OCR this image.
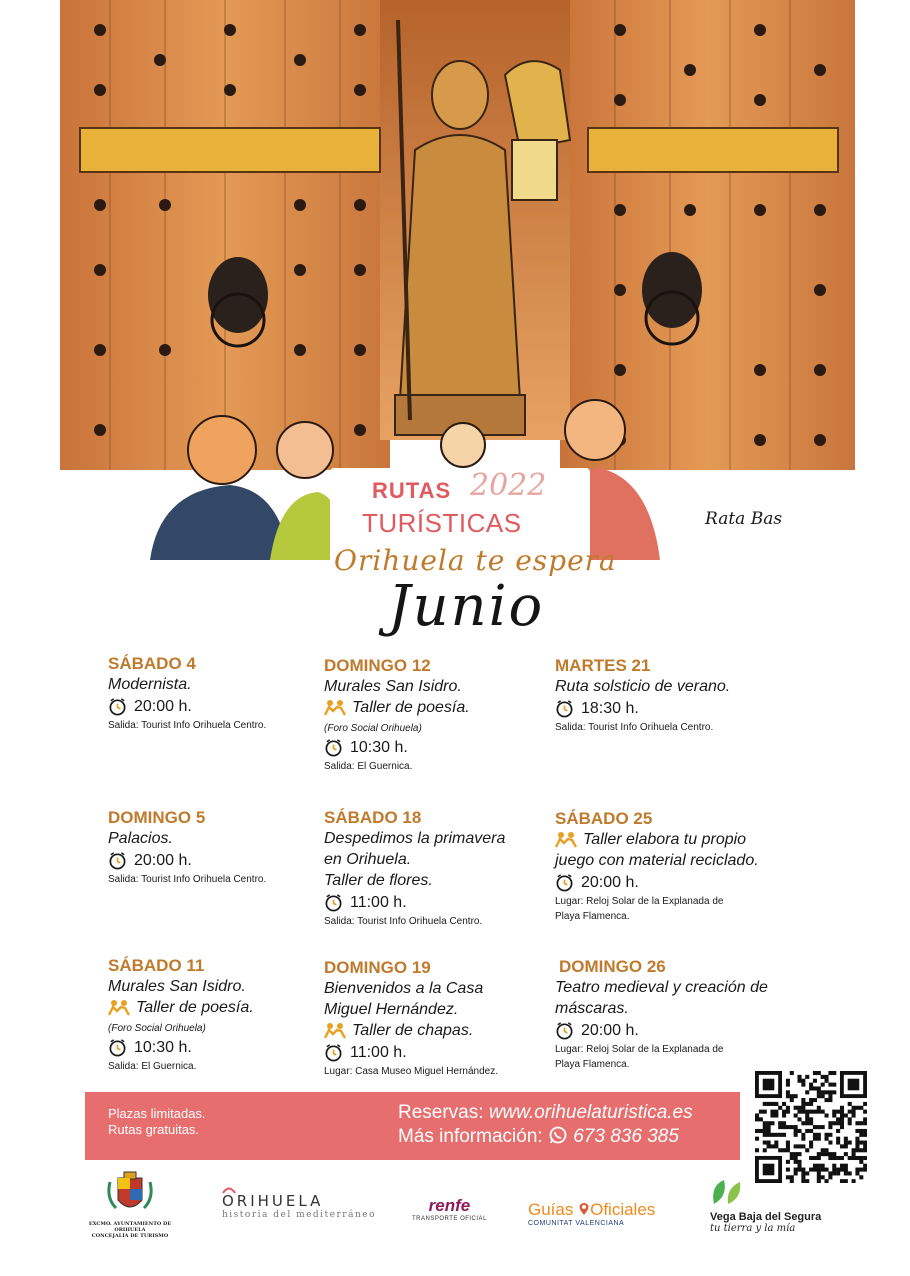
Rata Bas
RUTAS 2022
TURÍSTICAS
Orihuela te espera
Junio
SÁBADO 4
Modernista.
20:00 h.
Salida: Tourist Info Orihuela Centro.
DOMINGO 5
Palacios.
20:00 h.
Salida: Tourist Info Orihuela Centro.
SÁBADO 11
Murales San Isidro.
Taller de poesía.
(Foro Social Orihuela)
10:30 h.
Salida: El Guernica.
DOMINGO 12
Murales San Isidro.
Taller de poesía.
(Foro Social Orihuela)
10:30 h.
Salida: El Guernica.
SÁBADO 18
Despedimos la primavera
en Orihuela.
Taller de flores.
11:00 h.
Salida: Tourist Info Orihuela Centro.
DOMINGO 19
Bienvenidos a la Casa
Miguel Hernández.
Taller de chapas.
11:00 h.
Lugar: Casa Museo Miguel Hernández.
MARTES 21
Ruta solsticio de verano.
18:30 h.
Salida: Tourist Info Orihuela Centro.
SÁBADO 25
Taller elabora tu propio
juego con material reciclado.
20:00 h.
Lugar: Reloj Solar de la Explanada de
Playa Flamenca.
DOMINGO 26
Teatro medieval y creación de
máscaras.
20:00 h.
Lugar: Reloj Solar de la Explanada de
Playa Flamenca.
Plazas limitadas.
Rutas gratuitas.
Reservas: www.orihuelaturistica.es
Más información: 673 836 385
EXCMO. AYUNTAMIENTO DE ORIHUELA
CONCEJALÍA DE TURISMO
ORIHUELA
historia del mediterráneo	renfe
TRANSPORTE OFICIAL Guías Oficiales
COMUNITAT VALENCIANA
Vega Baja del Segura
tu tierra y la mía
